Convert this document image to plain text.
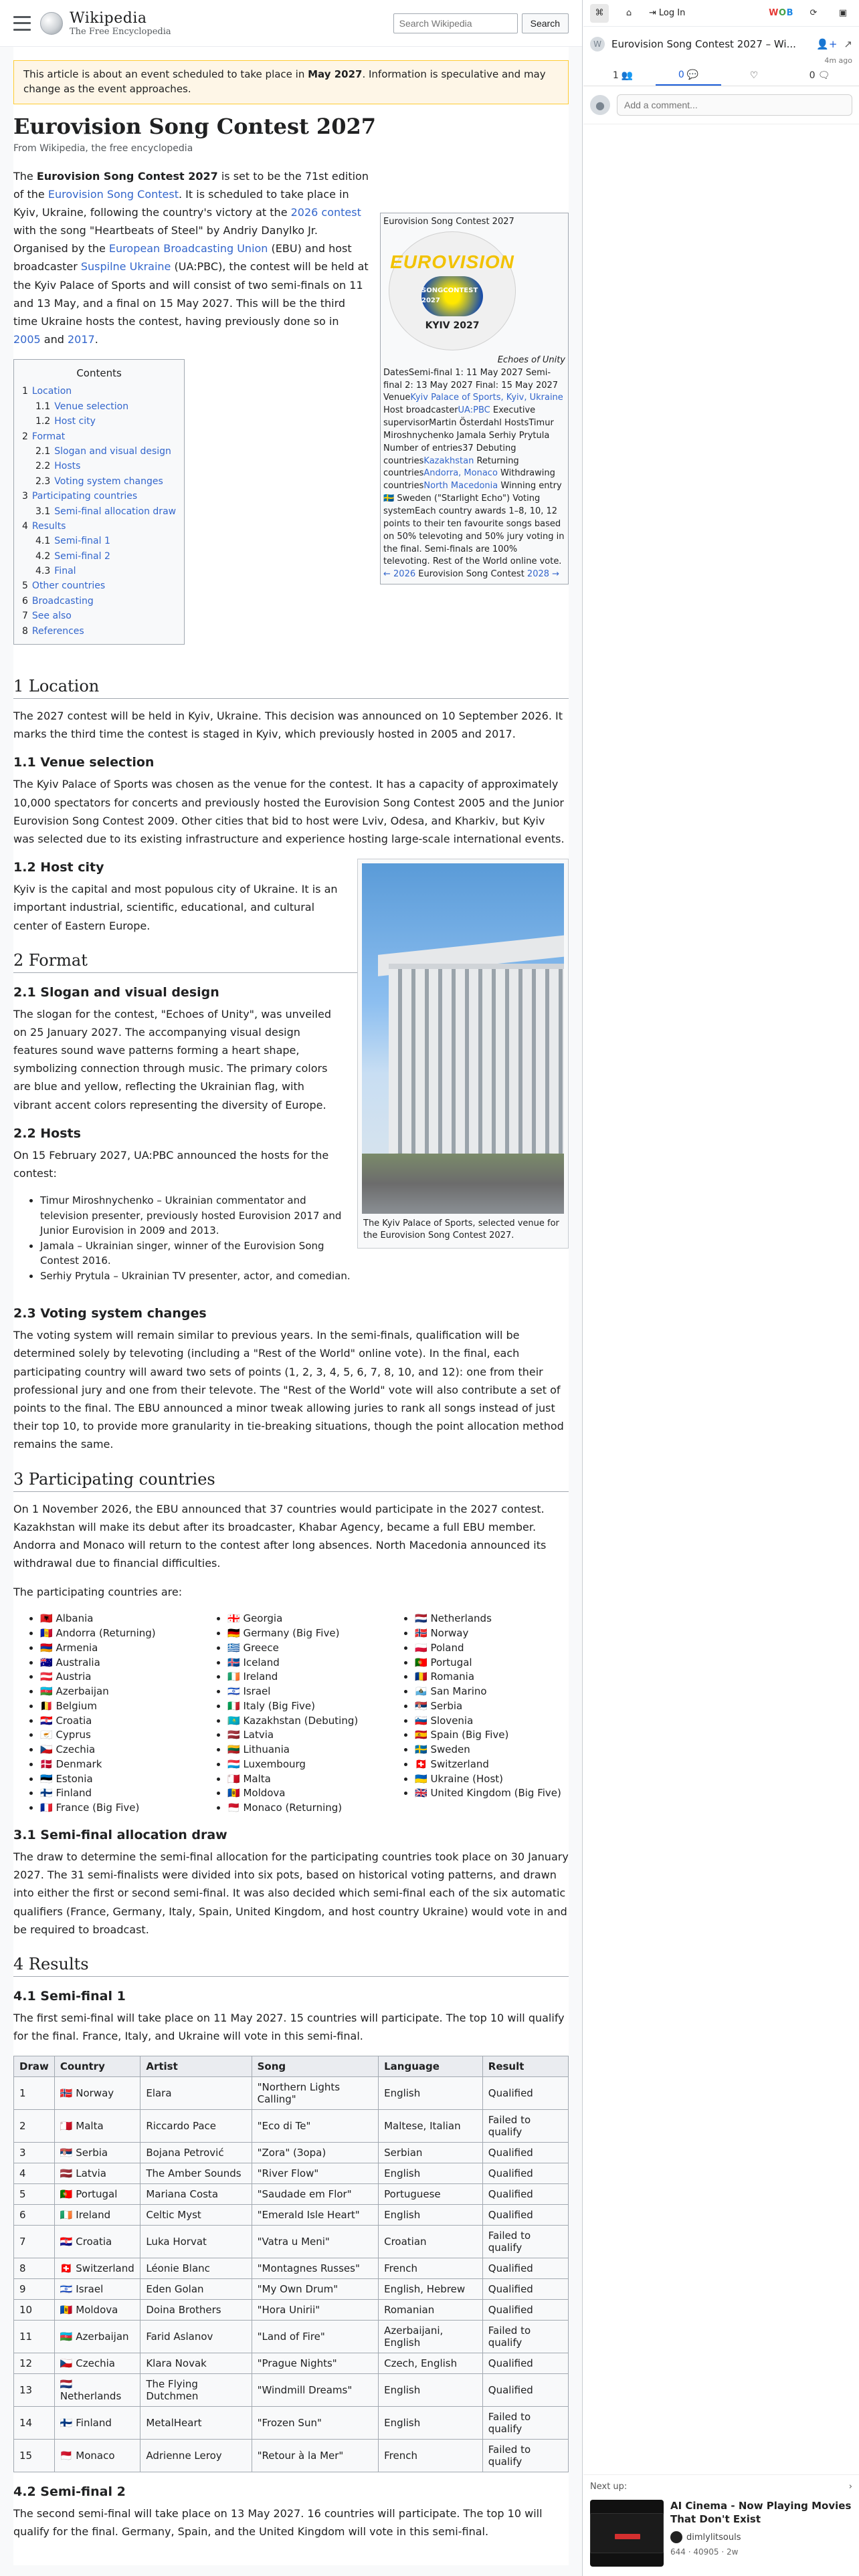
Wikipedia
The Free Encyclopedia
Search Wikipedia
Search
This article is about an event scheduled to take place in May 2027. Information is speculative and may change as the event approaches.
Eurovision Song Contest 2027
From Wikipedia, the free encyclopedia
Eurovision Song Contest 2027
EUROVISION
SONGCONTEST 2027
KYIV 2027
Echoes of Unity
DatesSemi-final 1: 11 May 2027 Semi-final 2: 13 May 2027 Final: 15 May 2027 VenueKyiv Palace of Sports, Kyiv, Ukraine Host broadcasterUA:PBC Executive supervisorMartin Österdahl HostsTimur Miroshnychenko Jamala Serhiy Prytula Number of entries37 Debuting countriesKazakhstan Returning countriesAndorra, Monaco Withdrawing countriesNorth Macedonia Winning entry 🇸🇪 Sweden ("Starlight Echo") Voting systemEach country awards 1–8, 10, 12 points to their ten favourite songs based on 50% televoting and 50% jury voting in the final. Semi-finals are 100% televoting. Rest of the World online vote.
← 2026 Eurovision Song Contest 2028 →

The Eurovision Song Contest 2027 is set to be the 71st edition of the Eurovision Song Contest. It is scheduled to take place in Kyiv, Ukraine, following the country's victory at the 2026 contest with the song "Heartbeats of Steel" by Andriy Danylko Jr. Organised by the European Broadcasting Union (EBU) and host broadcaster Suspilne Ukraine (UA:PBC), the contest will be held at the Kyiv Palace of Sports and will consist of two semi-finals on 11 and 13 May, and a final on 15 May 2027. This will be the third time Ukraine hosts the contest, having previously done so in 2005 and 2017.

Contents
1 Location
1.1 Venue selection
1.2 Host city
2 Format
2.1 Slogan and visual design
2.2 Hosts
2.3 Voting system changes
3 Participating countries
3.1 Semi-final allocation draw
4 Results
4.1 Semi-final 1
4.2 Semi-final 2
4.3 Final
5 Other countries
6 Broadcasting
7 See also
8 References
1 Location

The 2027 contest will be held in Kyiv, Ukraine. This decision was announced on 10 September 2026. It marks the third time the contest is staged in Kyiv, which previously hosted in 2005 and 2017.

1.1 Venue selection

The Kyiv Palace of Sports was chosen as the venue for the contest. It has a capacity of approximately 10,000 spectators for concerts and previously hosted the Eurovision Song Contest 2005 and the Junior Eurovision Song Contest 2009. Other cities that bid to host were Lviv, Odesa, and Kharkiv, but Kyiv was selected due to its existing infrastructure and experience hosting large-scale international events.

The Kyiv Palace of Sports, selected venue for the Eurovision Song Contest 2027.
1.2 Host city

Kyiv is the capital and most populous city of Ukraine. It is an important industrial, scientific, educational, and cultural center of Eastern Europe.

2 Format
2.1 Slogan and visual design

The slogan for the contest, "Echoes of Unity", was unveiled on 25 January 2027. The accompanying visual design features sound wave patterns forming a heart shape, symbolizing connection through music. The primary colors are blue and yellow, reflecting the Ukrainian flag, with vibrant accent colors representing the diversity of Europe.

2.2 Hosts

On 15 February 2027, UA:PBC announced the hosts for the contest:

• Timur Miroshnychenko – Ukrainian commentator and television presenter, previously hosted Eurovision 2017 and Junior Eurovision in 2009 and 2013.
• Jamala – Ukrainian singer, winner of the Eurovision Song Contest 2016.
• Serhiy Prytula – Ukrainian TV presenter, actor, and comedian.
2.3 Voting system changes

The voting system will remain similar to previous years. In the semi-finals, qualification will be determined solely by televoting (including a "Rest of the World" online vote). In the final, each participating country will award two sets of points (1, 2, 3, 4, 5, 6, 7, 8, 10, and 12): one from their professional jury and one from their televote. The "Rest of the World" vote will also contribute a set of points to the final. The EBU announced a minor tweak allowing juries to rank all songs instead of just their top 10, to provide more granularity in tie-breaking situations, though the point allocation method remains the same.

3 Participating countries

On 1 November 2026, the EBU announced that 37 countries would participate in the 2027 contest. Kazakhstan will make its debut after its broadcaster, Khabar Agency, became a full EBU member. Andorra and Monaco will return to the contest after long absences. North Macedonia announced its withdrawal due to financial difficulties.

The participating countries are:

• 🇦🇱 Albania
• 🇦🇩 Andorra (Returning)
• 🇦🇲 Armenia
• 🇦🇺 Australia
• 🇦🇹 Austria
• 🇦🇿 Azerbaijan
• 🇧🇪 Belgium
• 🇭🇷 Croatia
• 🇨🇾 Cyprus
• 🇨🇿 Czechia
• 🇩🇰 Denmark
• 🇪🇪 Estonia
• 🇫🇮 Finland
• 🇫🇷 France (Big Five)
• 🇬🇪 Georgia
• 🇩🇪 Germany (Big Five)
• 🇬🇷 Greece
• 🇮🇸 Iceland
• 🇮🇪 Ireland
• 🇮🇱 Israel
• 🇮🇹 Italy (Big Five)
• 🇰🇿 Kazakhstan (Debuting)
• 🇱🇻 Latvia
• 🇱🇹 Lithuania
• 🇱🇺 Luxembourg
• 🇲🇹 Malta
• 🇲🇩 Moldova
• 🇲🇨 Monaco (Returning)
• 🇳🇱 Netherlands
• 🇳🇴 Norway
• 🇵🇱 Poland
• 🇵🇹 Portugal
• 🇷🇴 Romania
• 🇸🇲 San Marino
• 🇷🇸 Serbia
• 🇸🇮 Slovenia
• 🇪🇸 Spain (Big Five)
• 🇸🇪 Sweden
• 🇨🇭 Switzerland
• 🇺🇦 Ukraine (Host)
• 🇬🇧 United Kingdom (Big Five)
3.1 Semi-final allocation draw

The draw to determine the semi-final allocation for the participating countries took place on 30 January 2027. The 31 semi-finalists were divided into six pots, based on historical voting patterns, and drawn into either the first or second semi-final. It was also decided which semi-final each of the six automatic qualifiers (France, Germany, Italy, Spain, United Kingdom, and host country Ukraine) would vote in and be required to broadcast.

4 Results
4.1 Semi-final 1

The first semi-final will take place on 11 May 2027. 15 countries will participate. The top 10 will qualify for the final. France, Italy, and Ukraine will vote in this semi-final.

Draw	Country	Artist	Song	Language	Result
1	🇳🇴 Norway	Elara	"Northern Lights Calling"	English	Qualified
2	🇲🇹 Malta	Riccardo Pace	"Eco di Te"	Maltese, Italian	Failed to qualify
3	🇷🇸 Serbia	Bojana Petrović	"Zora" (Зора)	Serbian	Qualified
4	🇱🇻 Latvia	The Amber Sounds	"River Flow"	English	Qualified
5	🇵🇹 Portugal	Mariana Costa	"Saudade em Flor"	Portuguese	Qualified
6	🇮🇪 Ireland	Celtic Myst	"Emerald Isle Heart"	English	Qualified
7	🇭🇷 Croatia	Luka Horvat	"Vatra u Meni"	Croatian	Failed to qualify
8	🇨🇭 Switzerland	Léonie Blanc	"Montagnes Russes"	French	Qualified
9	🇮🇱 Israel	Eden Golan	"My Own Drum"	English, Hebrew	Qualified
10	🇲🇩 Moldova	Doina Brothers	"Hora Unirii"	Romanian	Qualified
11	🇦🇿 Azerbaijan	Farid Aslanov	"Land of Fire"	Azerbaijani, English	Failed to qualify
12	🇨🇿 Czechia	Klara Novak	"Prague Nights"	Czech, English	Qualified
13	🇳🇱 Netherlands	The Flying Dutchmen	"Windmill Dreams"	English	Qualified
14	🇫🇮 Finland	MetalHeart	"Frozen Sun"	English	Failed to qualify
15	🇲🇨 Monaco	Adrienne Leroy	"Retour à la Mer"	French	Failed to qualify
4.2 Semi-final 2

The second semi-final will take place on 13 May 2027. 16 countries will participate. The top 10 will qualify for the final. Germany, Spain, and the United Kingdom will vote in this semi-final.

⌘	⌂	⇥ Log In	WOB	⟳	▣
W	Eurovision Song Contest 2027 – Wi...	👤+ ↗
4m ago
1 👥	0 💬	♡	0 🗨
●
Add a comment...
Next up:	›
AI Cinema - Now Playing Movies That Don't Exist
dimlylitsouls
644 · 40905 · 2w
